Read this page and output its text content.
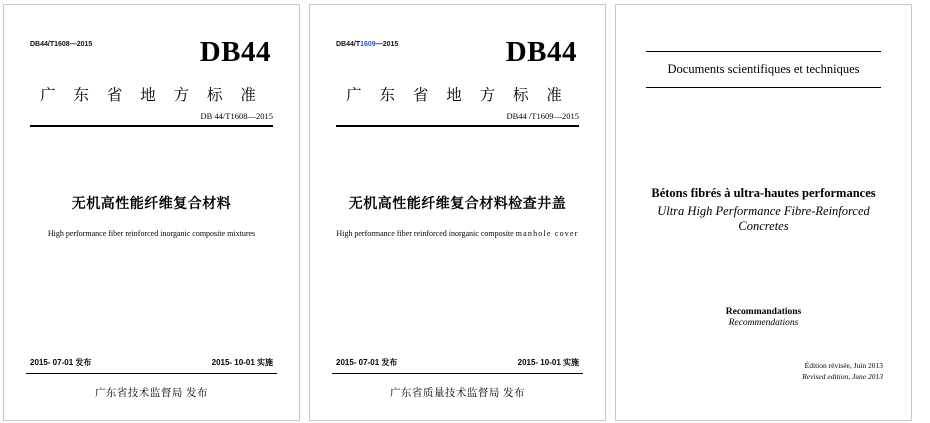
DB44/T1608—2015	DB44
广 东 省 地 方 标 准
DB 44/T1608—2015
无机高性能纤维复合材料
High performance fiber reinforced inorganic composite mixtures
2015- 07-01 发布	2015- 10-01 实施
广东省技术监督局 发布
DB44/T1609—2015	DB44
广 东 省 地 方 标 准
DB44 /T1609—2015
无机高性能纤维复合材料检查井盖
High performance fiber reinforced inorganic composite manhole cover
2015- 07-01 发布	2015- 10-01 实施
广东省质量技术监督局 发布
Documents scientifiques et techniques
Bétons fibrés à ultra-hautes performances
Ultra High Performance Fibre-Reinforced Concretes
Recommandations
Recommendations
Édition révisée, Juin 2013
Revised edition, June 2013
